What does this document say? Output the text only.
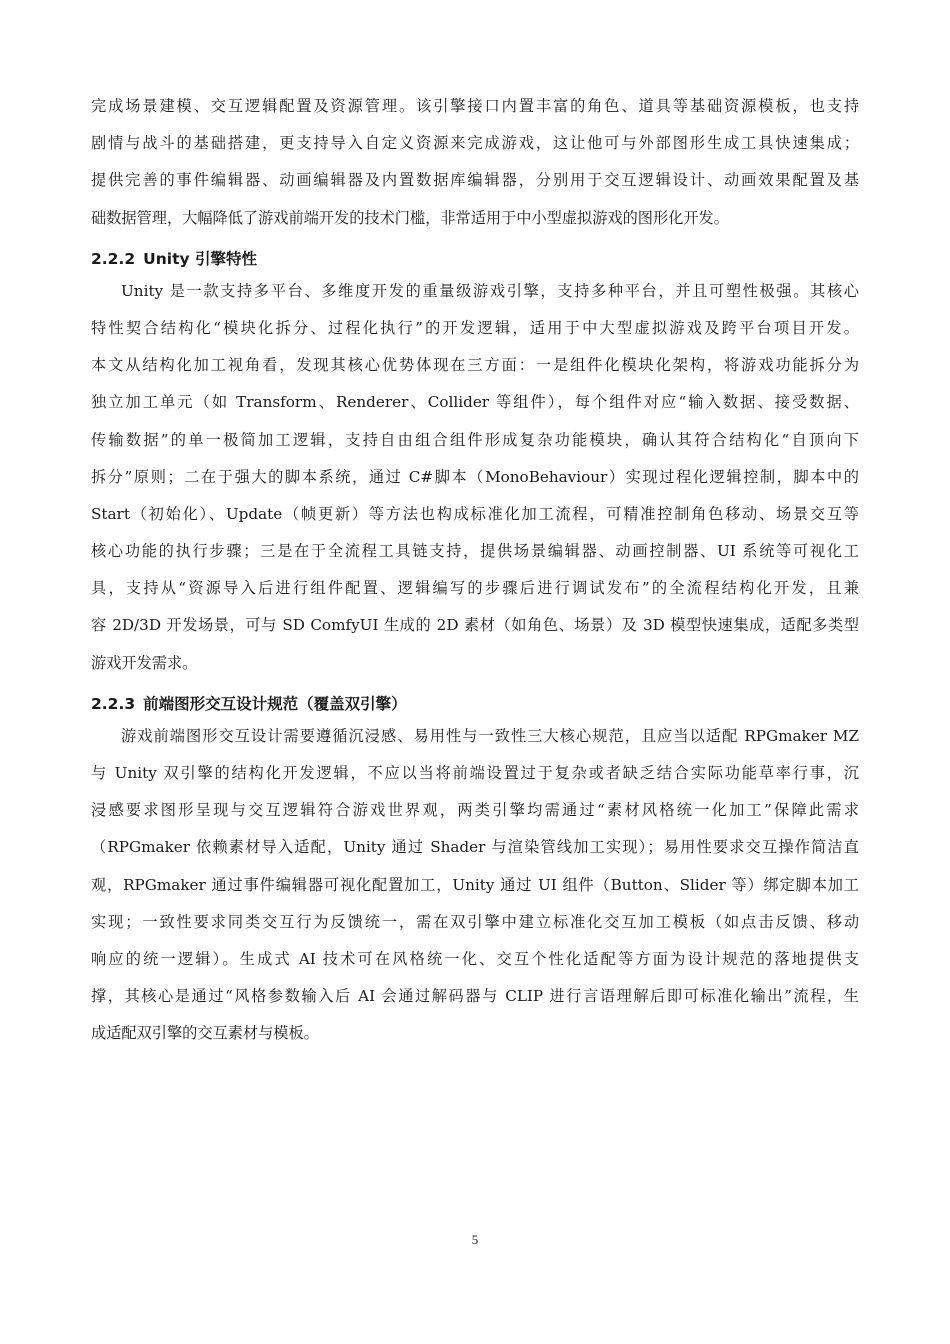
完成场景建模、交互逻辑配置及资源管理。该引擎接口内置丰富的角色、道具等基础资源模板，也支持
剧情与战斗的基础搭建，更支持导入自定义资源来完成游戏，这让他可与外部图形生成工具快速集成；
提供完善的事件编辑器、动画编辑器及内置数据库编辑器，分别用于交互逻辑设计、动画效果配置及基
础数据管理，大幅降低了游戏前端开发的技术门槛，非常适用于中小型虚拟游戏的图形化开发。
2.2.2 Unity 引擎特性
Unity 是一款支持多平台、多维度开发的重量级游戏引擎，支持多种平台，并且可塑性极强。其核心
特性契合结构化“模块化拆分、过程化执行”的开发逻辑，适用于中大型虚拟游戏及跨平台项目开发。
本文从结构化加工视角看，发现其核心优势体现在三方面：一是组件化模块化架构，将游戏功能拆分为
独立加工单元（如 Transform、Renderer、Collider 等组件），每个组件对应“输入数据、接受数据、
传输数据”的单一极简加工逻辑，支持自由组合组件形成复杂功能模块，确认其符合结构化“自顶向下
拆分”原则；二在于强大的脚本系统，通过 C#脚本（MonoBehaviour）实现过程化逻辑控制，脚本中的
Start（初始化）、Update（帧更新）等方法也构成标准化加工流程，可精准控制角色移动、场景交互等
核心功能的执行步骤；三是在于全流程工具链支持，提供场景编辑器、动画控制器、UI 系统等可视化工
具，支持从“资源导入后进行组件配置、逻辑编写的步骤后进行调试发布”的全流程结构化开发，且兼
容 2D/3D 开发场景，可与 SD ComfyUI 生成的 2D 素材（如角色、场景）及 3D 模型快速集成，适配多类型
游戏开发需求。
2.2.3 前端图形交互设计规范（覆盖双引擎）
游戏前端图形交互设计需要遵循沉浸感、易用性与一致性三大核心规范，且应当以适配 RPGmaker MZ
与 Unity 双引擎的结构化开发逻辑，不应以当将前端设置过于复杂或者缺乏结合实际功能草率行事，沉
浸感要求图形呈现与交互逻辑符合游戏世界观，两类引擎均需通过“素材风格统一化加工”保障此需求
（RPGmaker 依赖素材导入适配，Unity 通过 Shader 与渲染管线加工实现）；易用性要求交互操作简洁直
观，RPGmaker 通过事件编辑器可视化配置加工，Unity 通过 UI 组件（Button、Slider 等）绑定脚本加工
实现；一致性要求同类交互行为反馈统一，需在双引擎中建立标准化交互加工模板（如点击反馈、移动
响应的统一逻辑）。生成式 AI 技术可在风格统一化、交互个性化适配等方面为设计规范的落地提供支
撑，其核心是通过“风格参数输入后 AI 会通过解码器与 CLIP 进行言语理解后即可标准化输出”流程，生
成适配双引擎的交互素材与模板。
5
